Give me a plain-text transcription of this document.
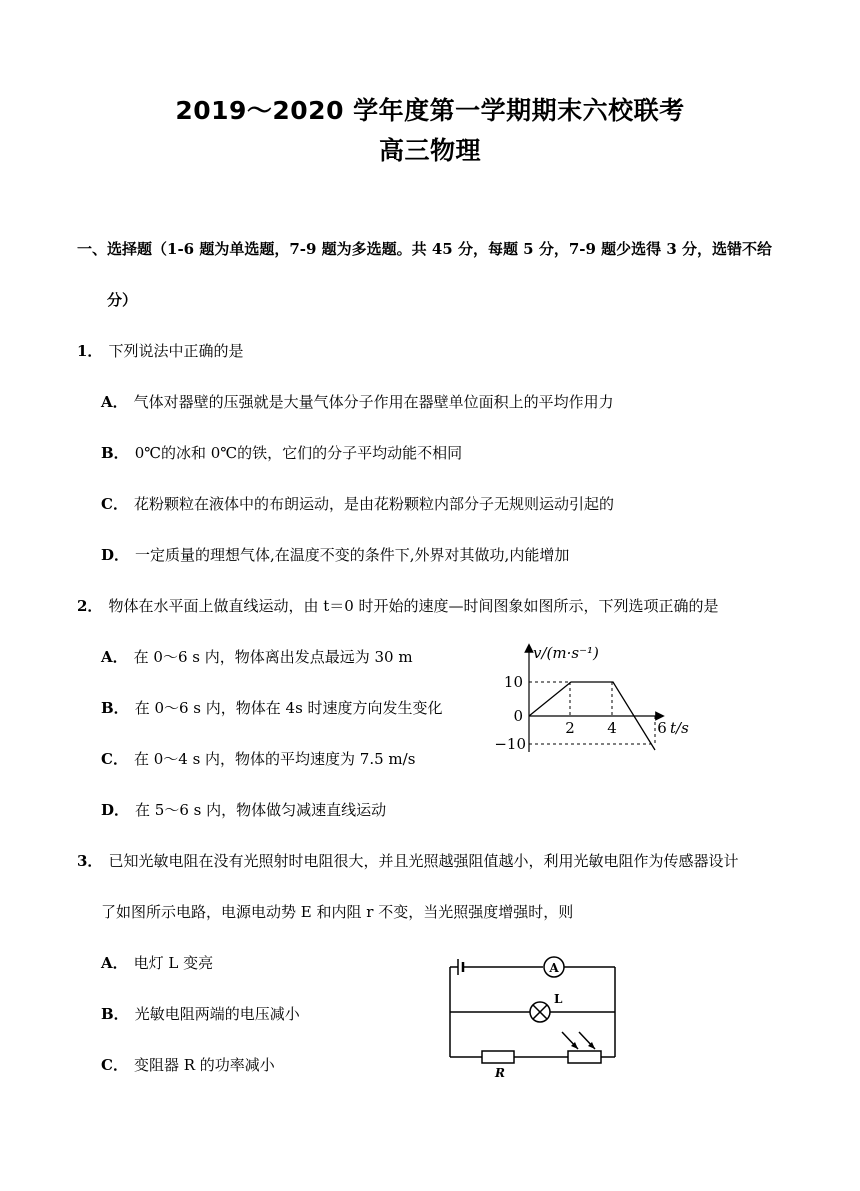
2019～2020 学年度第一学期期末六校联考
高三物理
一、选择题（1-6 题为单选题，7-9 题为多选题。共 45 分，每题 5 分，7-9 题少选得 3 分，选错不给
分）
1． 下列说法中正确的是
A． 气体对器壁的压强就是大量气体分子作用在器壁单位面积上的平均作用力
B． 0℃的冰和 0℃的铁，它们的分子平均动能不相同
C． 花粉颗粒在液体中的布朗运动，是由花粉颗粒内部分子无规则运动引起的
D． 一定质量的理想气体,在温度不变的条件下,外界对其做功,内能增加
2． 物体在水平面上做直线运动，由 t＝0 时开始的速度—时间图象如图所示，下列选项正确的是
A． 在 0～6 s 内，物体离出发点最远为 30 m
B． 在 0～6 s 内，物体在 4s 时速度方向发生变化
C． 在 0～4 s 内，物体的平均速度为 7.5 m/s
D． 在 5～6 s 内，物体做匀减速直线运动
v/(m·s⁻¹)
10
0
−10
2 4	6 t/s
3． 已知光敏电阻在没有光照射时电阻很大，并且光照越强阻值越小，利用光敏电阻作为传感器设计
了如图所示电路，电源电动势 E 和内阻 r 不变，当光照强度增强时，则
A． 电灯 L 变亮
B． 光敏电阻两端的电压减小
C． 变阻器 R 的功率减小
A
L
R
